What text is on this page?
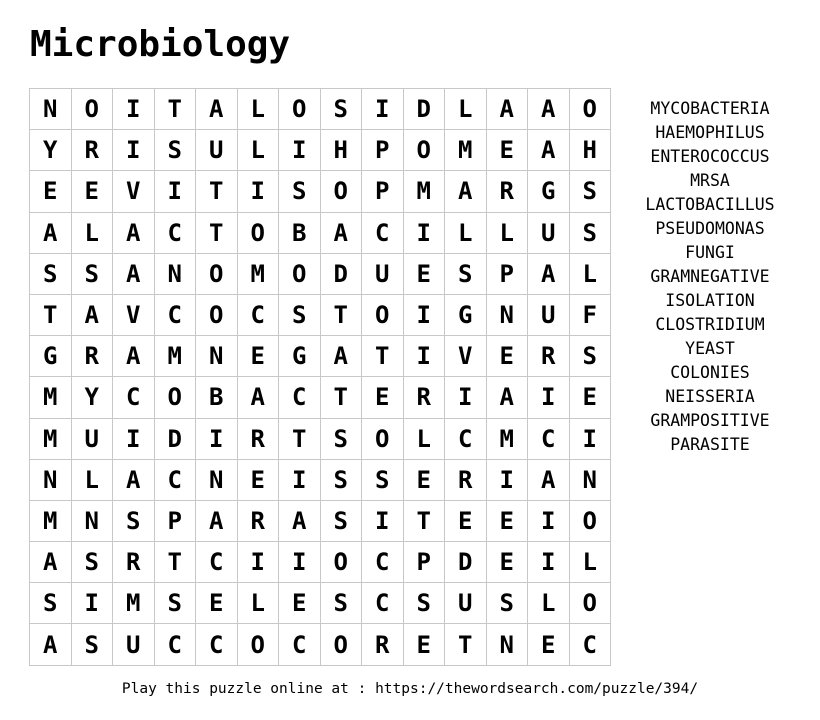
Microbiology
N	O	I	T	A	L	O	S	I	D	L	A	A	O
Y	R	I	S	U	L	I	H	P	O	M	E	A	H
E	E	V	I	T	I	S	O	P	M	A	R	G	S
A	L	A	C	T	O	B	A	C	I	L	L	U	S
S	S	A	N	O	M	O	D	U	E	S	P	A	L
T	A	V	C	O	C	S	T	O	I	G	N	U	F
G	R	A	M	N	E	G	A	T	I	V	E	R	S
M	Y	C	O	B	A	C	T	E	R	I	A	I	E
M	U	I	D	I	R	T	S	O	L	C	M	C	I
N	L	A	C	N	E	I	S	S	E	R	I	A	N
M	N	S	P	A	R	A	S	I	T	E	E	I	O
A	S	R	T	C	I	I	O	C	P	D	E	I	L
S	I	M	S	E	L	E	S	C	S	U	S	L	O
A	S	U	C	C	O	C	O	R	E	T	N	E	C
MYCOBACTERIA
HAEMOPHILUS
ENTEROCOCCUS
MRSA
LACTOBACILLUS
PSEUDOMONAS
FUNGI
GRAMNEGATIVE
ISOLATION
CLOSTRIDIUM
YEAST
COLONIES
NEISSERIA
GRAMPOSITIVE
PARASITE
Play this puzzle online at : https://thewordsearch.com/puzzle/394/
